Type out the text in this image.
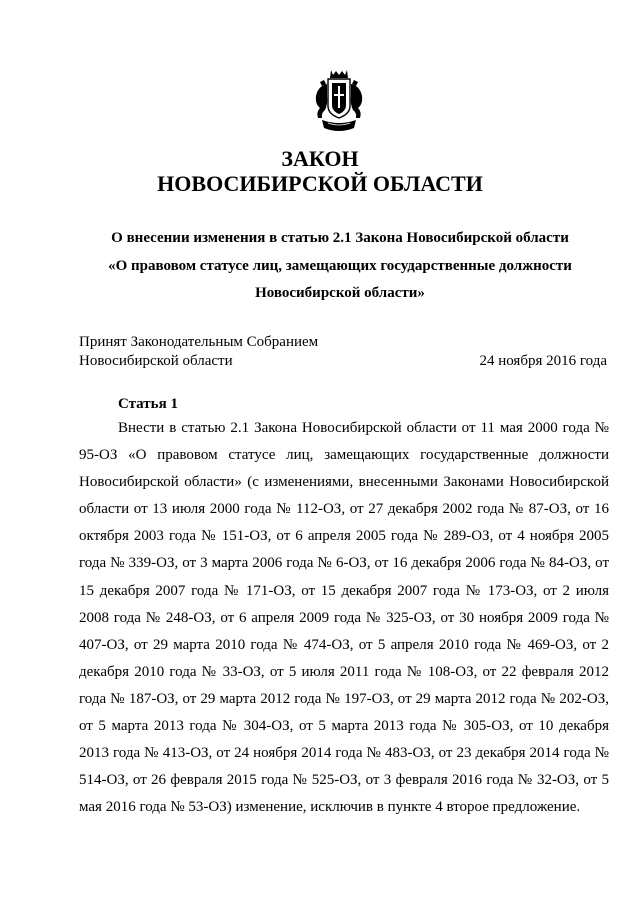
ЗАКОН
НОВОСИБИРСКОЙ ОБЛАСТИ
О внесении изменения в статью 2.1 Закона Новосибирской области
«О правовом статусе лиц, замещающих государственные должности
Новосибирской области»
Принят Законодательным Собранием
Новосибирской области	24 ноября 2016 года
Статья 1

Внести в статью 2.1 Закона Новосибирской области от 11 мая 2000 года № 95-ОЗ «О правовом статусе лиц, замещающих государственные должности Новосибирской области» (с изменениями, внесенными Законами Новосибирской области от 13 июля 2000 года № 112-ОЗ, от 27 декабря 2002 года № 87-ОЗ, от 16 октября 2003 года № 151-ОЗ, от 6 апреля 2005 года № 289-ОЗ, от 4 ноября 2005 года № 339-ОЗ, от 3 марта 2006 года № 6-ОЗ, от 16 декабря 2006 года № 84-ОЗ, от 15 декабря 2007 года № 171-ОЗ, от 15 декабря 2007 года № 173-ОЗ, от 2 июля 2008 года № 248-ОЗ, от 6 апреля 2009 года № 325-ОЗ, от 30 ноября 2009 года № 407-ОЗ, от 29 марта 2010 года № 474-ОЗ, от 5 апреля 2010 года № 469-ОЗ, от 2 декабря 2010 года № 33-ОЗ, от 5 июля 2011 года № 108-ОЗ, от 22 февраля 2012 года № 187-ОЗ, от 29 марта 2012 года № 197-ОЗ, от 29 марта 2012 года № 202-ОЗ, от 5 марта 2013 года № 304-ОЗ, от 5 марта 2013 года № 305-ОЗ, от 10 декабря 2013 года № 413-ОЗ, от 24 ноября 2014 года № 483-ОЗ, от 23 декабря 2014 года № 514-ОЗ, от 26 февраля 2015 года № 525-ОЗ, от 3 февраля 2016 года № 32-ОЗ, от 5 мая 2016 года № 53-ОЗ) изменение, исключив в пункте 4 второе предложение.
